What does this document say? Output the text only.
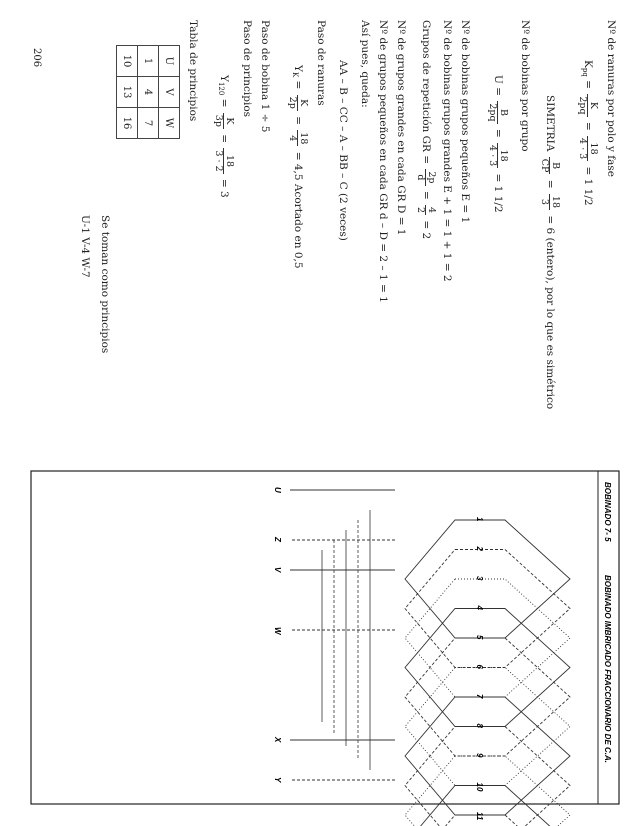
Nº de ranuras por polo y fase
Kpq =
K
2pq
=
18
4 · 3
= 1 1/2
SIMETRIA
B
CP
=
18
3
= 6 (entero), por lo que es simétrico
Nº de bobinas por grupo
U =
B
2pq
=
18
4 · 3
= 1 1/2
Nº de bobinas grupos pequeños E = 1
Nº de bobinas grupos grandes E + 1 = 1 + 1 = 2
Grupos de repetición GR =
2p
d
=
4
2
= 2
Nº de grupos grandes en cada GR D = 1
Nº de grupos pequeños en cada GR d – D = 2 – 1 = 1
Así pues, queda:
AA – B – CC – A – BB – C (2 veces)
Paso de ranuras
YK =
K
2p
=
18
4
= 4,5 Acortado en 0,5
Paso de bobina 1 ÷ 5
Paso de principios
Y120 =
K
3p
=
18
3 · 2
= 3
Tabla de principios
U	V	W
1	4	7
10	13	16
Se toman como principios
U-1 V-4 W-7
206
BOBINADO 7- 5
BOBINADO IMBRICADO FRACCIONARIO DE C.A.
1
2
3
4
5
6
7
8
9
10
11
U
Z
V
W
X
Y
